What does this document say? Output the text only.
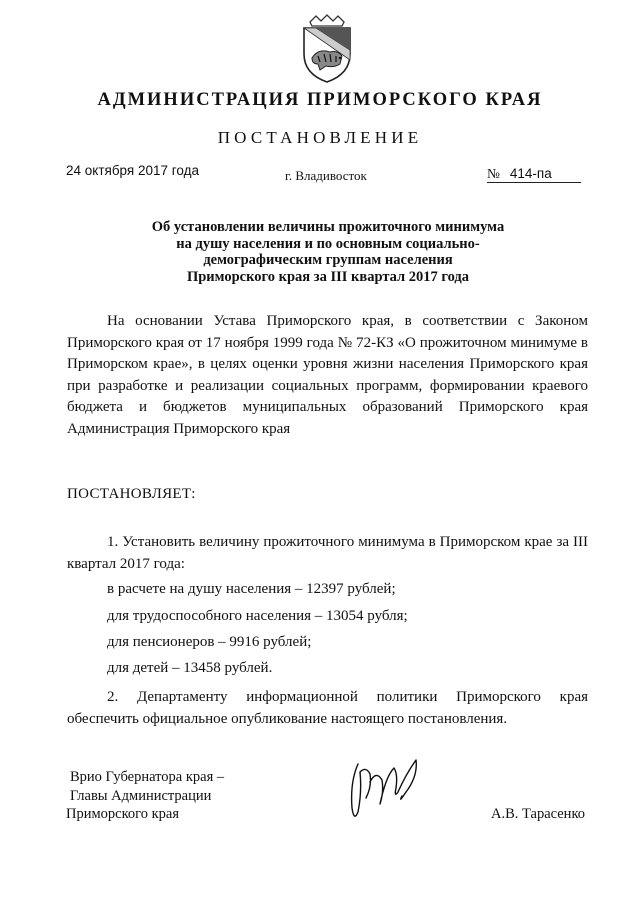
АДМИНИСТРАЦИЯ ПРИМОРСКОГО КРАЯ
ПОСТАНОВЛЕНИЕ
24 октября 2017 года	г. Владивосток	№ 414-па
Об установлении величины прожиточного минимума
на душу населения и по основным социально-
демографическим группам населения
Приморского края за III квартал 2017 года
На основании Устава Приморского края, в соответствии с Законом Приморского края от 17 ноября 1999 года № 72-КЗ «О прожиточном минимуме в Приморском крае», в целях оценки уровня жизни населения Приморского края при разработке и реализации социальных программ, формировании краевого бюджета и бюджетов муниципальных образований Приморского края Администрация Приморского края
ПОСТАНОВЛЯЕТ:
1. Установить величину прожиточного минимума в Приморском крае за III квартал 2017 года:
в расчете на душу населения – 12397 рублей;
для трудоспособного населения – 13054 рубля;
для пенсионеров – 9916 рублей;
для детей – 13458 рублей.
2. Департаменту информационной политики Приморского края
обеспечить официальное опубликование настоящего постановления.
Врио Губернатора края –
Главы Администрации
Приморского края	А.В. Тарасенко
